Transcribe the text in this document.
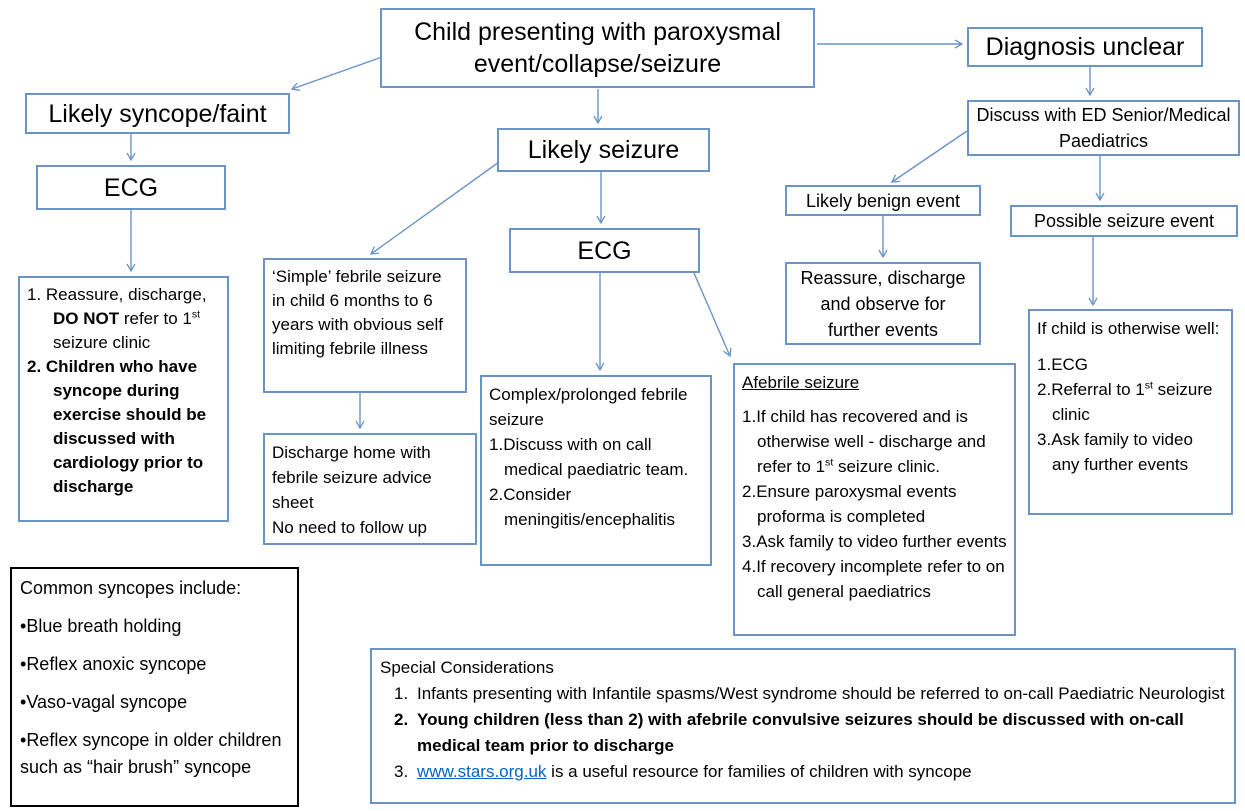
Child presenting with paroxysmal event/collapse/seizure
Diagnosis unclear
Likely syncope/faint
ECG
1. Reassure, discharge, DO NOT refer to 1st seizure clinic
2. Children who have syncope during exercise should be discussed with cardiology prior to discharge
Likely seizure
ECG
‘Simple’ febrile seizure in child 6 months to 6 years with obvious self limiting febrile illness
Discharge home with febrile seizure advice sheet
No need to follow up
Complex/prolonged febrile seizure
1.Discuss with on call medical paediatric team.
2.Consider meningitis/encephalitis
Afebrile seizure
1.If child has recovered and is otherwise well - discharge and refer to 1st seizure clinic.
2.Ensure paroxysmal events proforma is completed
3.Ask family to video further events
4.If recovery incomplete refer to on call general paediatrics
Discuss with ED Senior/Medical Paediatrics
Likely benign event
Possible seizure event
Reassure, discharge and observe for further events	If child is otherwise well:
1.ECG
2.Referral to 1st seizure clinic
3.Ask family to video any further events
Common syncopes include:
•Blue breath holding
•Reflex anoxic syncope
•Vaso-vagal syncope
•Reflex syncope in older children such as “hair brush” syncope
Special Considerations
1. Infants presenting with Infantile spasms/West syndrome should be referred to on-call Paediatric Neurologist
2. Young children (less than 2) with afebrile convulsive seizures should be discussed with on-call medical team prior to discharge
3. www.stars.org.uk is a useful resource for families of children with syncope
